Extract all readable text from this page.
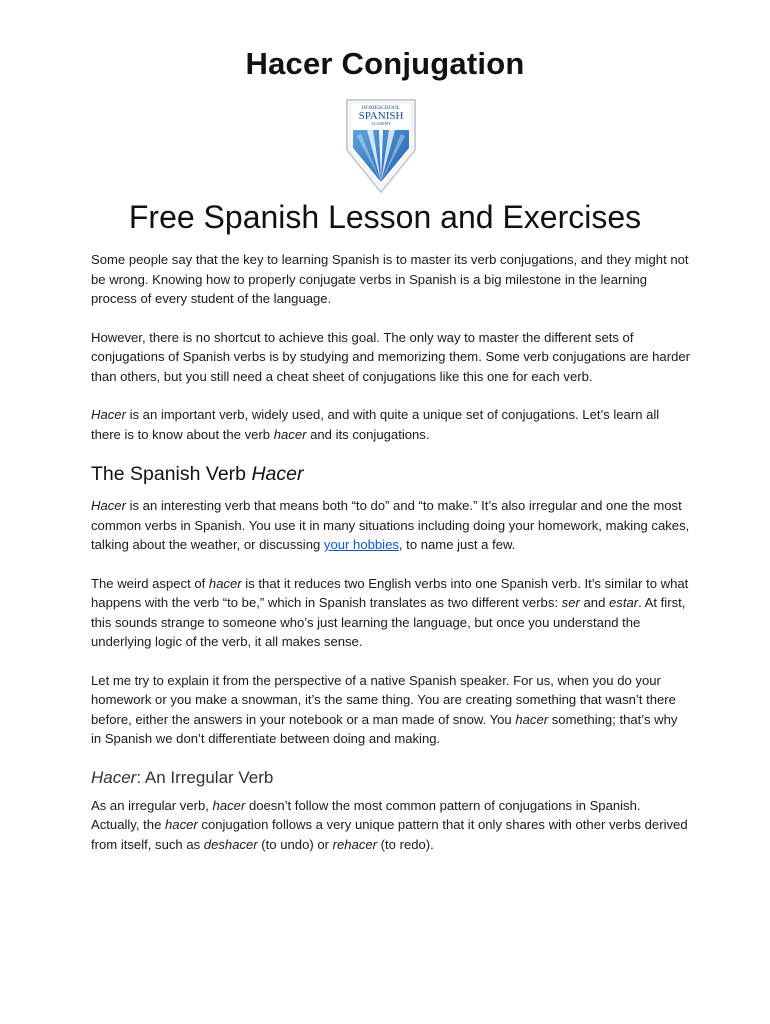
Hacer Conjugation
HOMESCHOOL
SPANISH
ACADEMY
Free Spanish Lesson and Exercises

Some people say that the key to learning Spanish is to master its verb conjugations, and they might not be wrong. Knowing how to properly conjugate verbs in Spanish is a big milestone in the learning process of every student of the language.

However, there is no shortcut to achieve this goal. The only way to master the different sets of conjugations of Spanish verbs is by studying and memorizing them. Some verb conjugations are harder than others, but you still need a cheat sheet of conjugations like this one for each verb.

Hacer is an important verb, widely used, and with quite a unique set of conjugations. Let’s learn all there is to know about the verb hacer and its conjugations.

The Spanish Verb Hacer

Hacer is an interesting verb that means both “to do” and “to make.” It’s also irregular and one the most common verbs in Spanish. You use it in many situations including doing your homework, making cakes, talking about the weather, or discussing your hobbies, to name just a few.

The weird aspect of hacer is that it reduces two English verbs into one Spanish verb. It’s similar to what happens with the verb “to be,” which in Spanish translates as two different verbs: ser and estar. At first, this sounds strange to someone who’s just learning the language, but once you understand the underlying logic of the verb, it all makes sense.

Let me try to explain it from the perspective of a native Spanish speaker. For us, when you do your homework or you make a snowman, it’s the same thing. You are creating something that wasn’t there before, either the answers in your notebook or a man made of snow. You hacer something; that’s why in Spanish we don’t differentiate between doing and making.

Hacer: An Irregular Verb

As an irregular verb, hacer doesn’t follow the most common pattern of conjugations in Spanish. Actually, the hacer conjugation follows a very unique pattern that it only shares with other verbs derived from itself, such as deshacer (to undo) or rehacer (to redo).
